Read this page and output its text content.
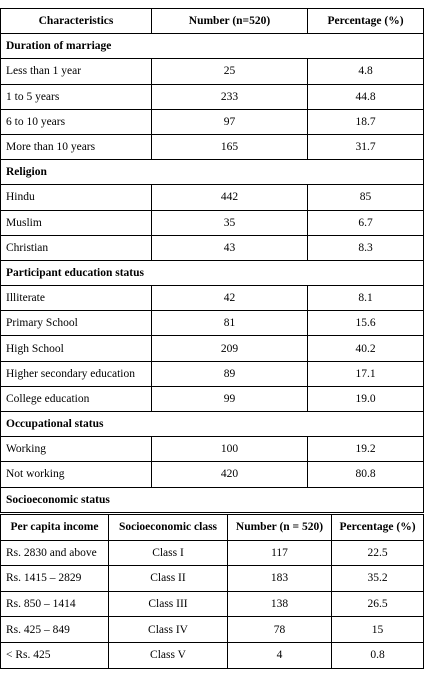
Characteristics	Number (n=520)	Percentage (%)
Duration of marriage		
Less than 1 year	25	4.8
1 to 5 years	233	44.8
6 to 10 years	97	18.7
More than 10 years	165	31.7
Religion		
Hindu	442	85
Muslim	35	6.7
Christian	43	8.3
Participant education status		
Illiterate	42	8.1
Primary School	81	15.6
High School	209	40.2
Higher secondary education	89	17.1
College education	99	19.0
Occupational status		
Working	100	19.2
Not working	420	80.8
Socioeconomic status		
Per capita income	Socioeconomic class	Number (n = 520)	Percentage (%)
Rs. 2830 and above	Class I	117	22.5
Rs. 1415 – 2829	Class II	183	35.2
Rs. 850 – 1414	Class III	138	26.5
Rs. 425 – 849	Class IV	78	15
< Rs. 425	Class V	4	0.8
